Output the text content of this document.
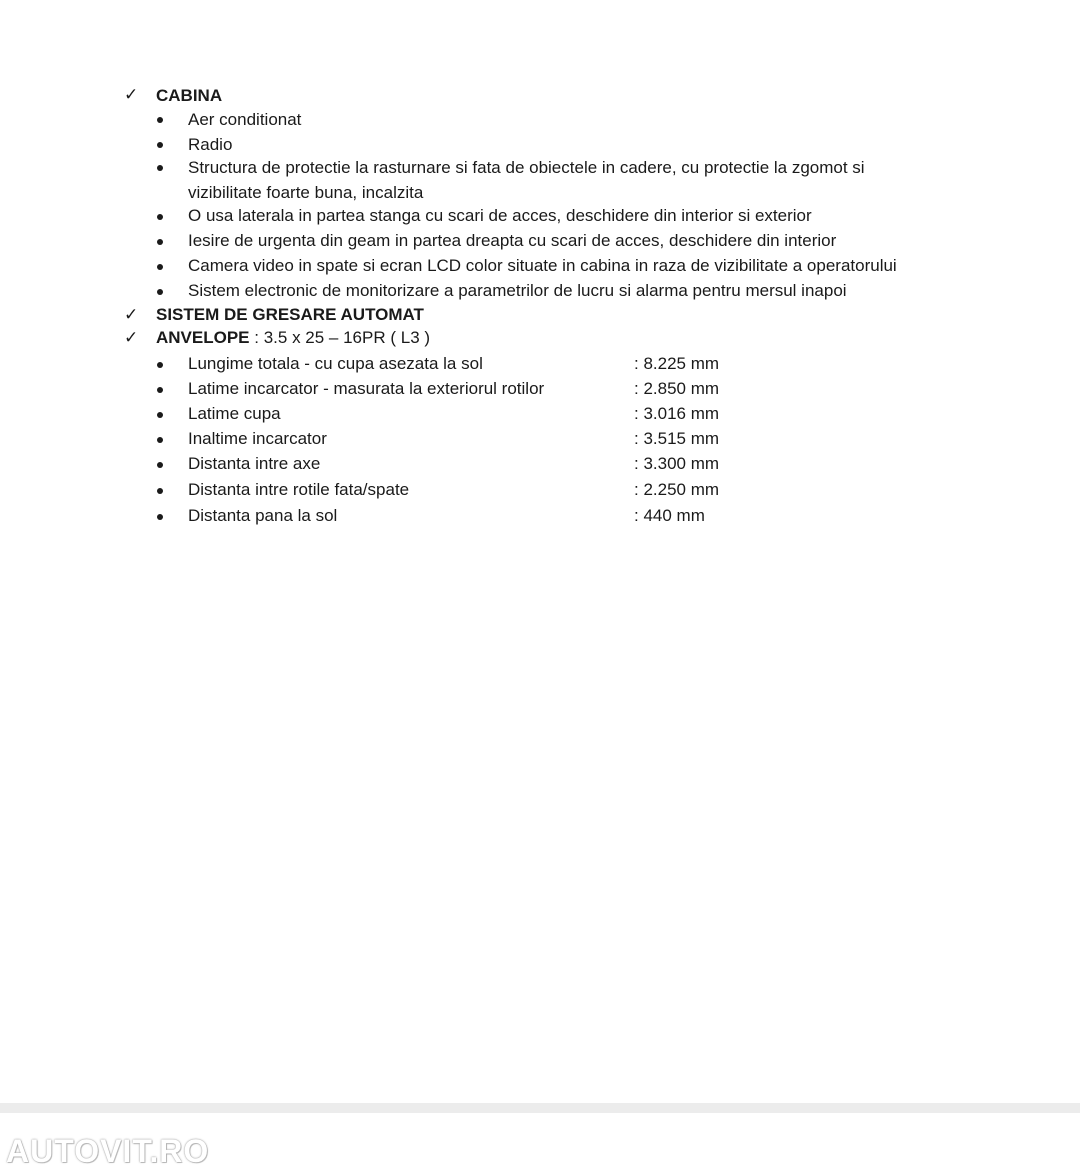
✓ CABINA
Aer conditionat
Radio
Structura de protectie la rasturnare si fata de obiectele in cadere, cu protectie la zgomot si
vizibilitate foarte buna, incalzita
O usa laterala in partea stanga cu scari de acces, deschidere din interior si exterior
Iesire de urgenta din geam in partea dreapta cu scari de acces, deschidere din interior
Camera video in spate si ecran LCD color situate in cabina in raza de vizibilitate a operatorului
Sistem electronic de monitorizare a parametrilor de lucru si alarma pentru mersul inapoi
✓ SISTEM DE GRESARE AUTOMAT
✓ ANVELOPE : 3.5 x 25 – 16PR ( L3 )
Lungime totala - cu cupa asezata la sol	: 8.225 mm
Latime incarcator - masurata la exteriorul rotilor	: 2.850 mm
Latime cupa	: 3.016 mm
Inaltime incarcator	: 3.515 mm
Distanta intre axe	: 3.300 mm
Distanta intre rotile fata/spate	: 2.250 mm
Distanta pana la sol	: 440 mm
AUTOVIT.RO
